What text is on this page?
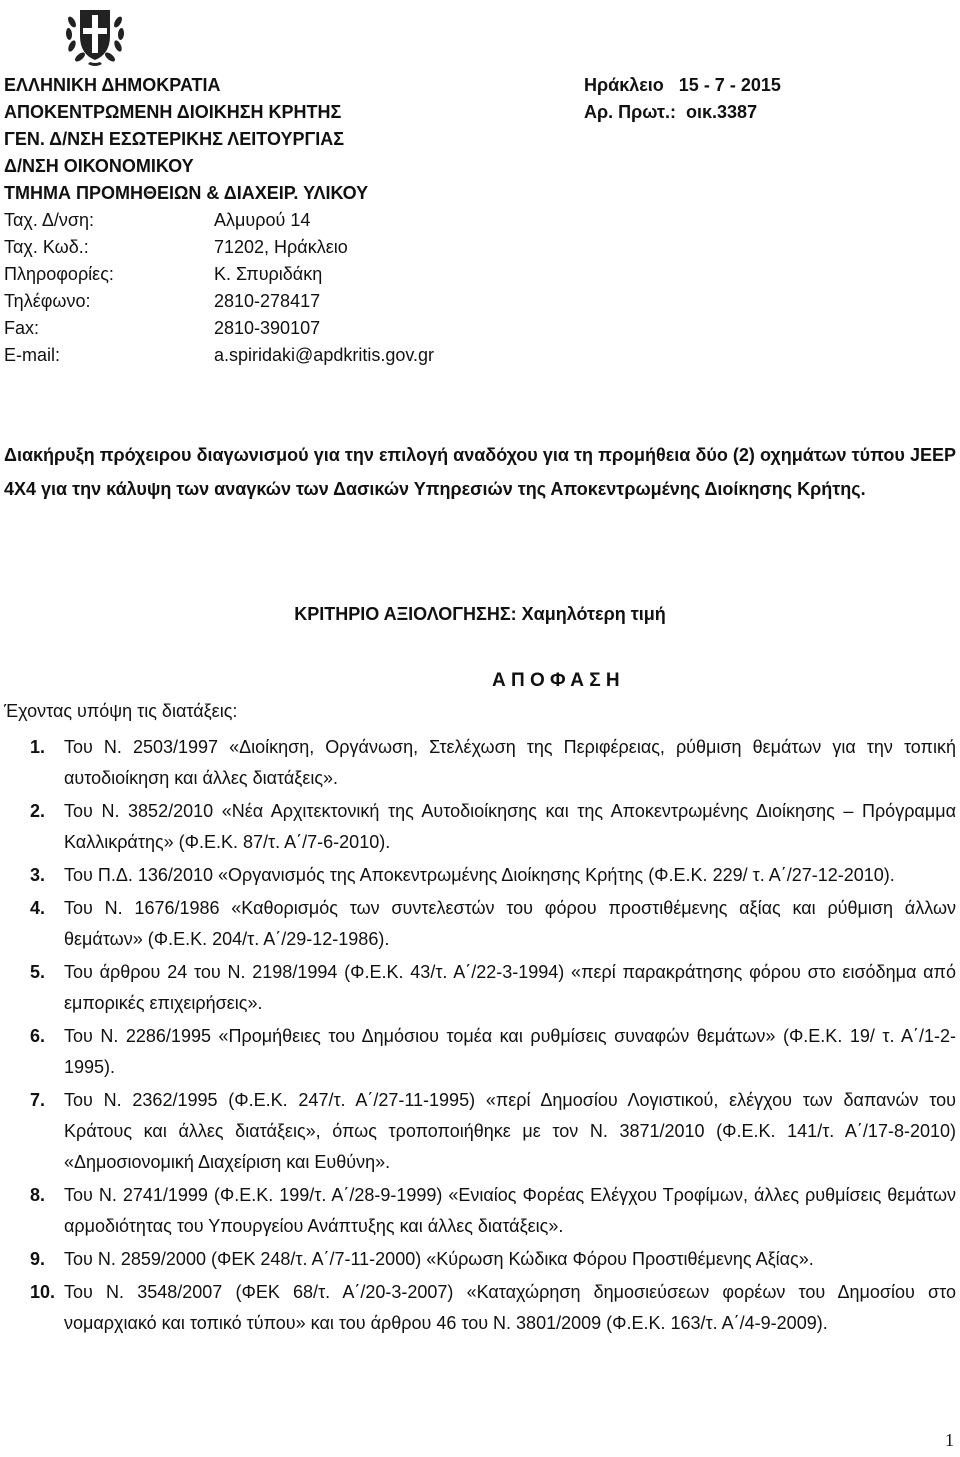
ΕΛΛΗΝΙΚΗ ΔΗΜΟΚΡΑΤΙΑ
ΑΠΟΚΕΝΤΡΩΜΕΝΗ ΔΙΟΙΚΗΣΗ ΚΡΗΤΗΣ
ΓΕΝ. Δ/ΝΣΗ ΕΣΩΤΕΡΙΚΗΣ ΛΕΙΤΟΥΡΓΙΑΣ
Δ/ΝΣΗ ΟΙΚΟΝΟΜΙΚΟΥ
ΤΜΗΜΑ ΠΡΟΜΗΘΕΙΩΝ & ΔΙΑΧΕΙΡ. ΥΛΙΚΟΥ
Ταχ. Δ/νση:	Αλμυρού 14
Ταχ. Κωδ.:	71202, Ηράκλειο
Πληροφορίες:	Κ. Σπυριδάκη
Τηλέφωνο:	2810-278417
Fax:	2810-390107
E-mail:	a.spiridaki@apdkritis.gov.gr
Ηράκλειο   15 - 7 - 2015
Αρ. Πρωτ.:  οικ.3387
Διακήρυξη πρόχειρου διαγωνισμού για την επιλογή αναδόχου για τη προμήθεια δύο (2) οχημάτων τύπου JEEP 4X4 για την κάλυψη των αναγκών των Δασικών Υπηρεσιών της Αποκεντρωμένης Διοίκησης Κρήτης.
ΚΡΙΤΗΡΙΟ ΑΞΙΟΛΟΓΗΣΗΣ: Χαμηλότερη τιμή
Α Π Ο Φ Α Σ Η
Έχοντας υπόψη τις διατάξεις:
1.	Του Ν. 2503/1997 «Διοίκηση, Οργάνωση, Στελέχωση της Περιφέρειας, ρύθμιση θεμάτων για την τοπική αυτοδιοίκηση και άλλες διατάξεις».
2.	Του Ν. 3852/2010 «Νέα Αρχιτεκτονική της Αυτοδιοίκησης και της Αποκεντρωμένης Διοίκησης – Πρόγραμμα Καλλικράτης» (Φ.Ε.Κ. 87/τ. Α΄/7-6-2010).
3.	Του Π.Δ. 136/2010 «Οργανισμός της Αποκεντρωμένης Διοίκησης Κρήτης (Φ.Ε.Κ. 229/ τ. Α΄/27-12-2010).
4.	Του Ν. 1676/1986 «Καθορισμός των συντελεστών του φόρου προστιθέμενης αξίας και ρύθμιση άλλων θεμάτων» (Φ.Ε.Κ. 204/τ. Α΄/29-12-1986).
5.	Του άρθρου 24 του Ν. 2198/1994 (Φ.Ε.Κ. 43/τ. Α΄/22-3-1994) «περί παρακράτησης φόρου στο εισόδημα από εμπορικές επιχειρήσεις».
6.	Του Ν. 2286/1995 «Προμήθειες του Δημόσιου τομέα και ρυθμίσεις συναφών θεμάτων» (Φ.Ε.Κ. 19/ τ. Α΄/1-2-1995).
7.	Του Ν. 2362/1995 (Φ.Ε.Κ. 247/τ. Α΄/27-11-1995) «περί Δημοσίου Λογιστικού, ελέγχου των δαπανών του Κράτους και άλλες διατάξεις», όπως τροποποιήθηκε με τον Ν. 3871/2010 (Φ.Ε.Κ. 141/τ. Α΄/17-8-2010) «Δημοσιονομική Διαχείριση και Ευθύνη».
8.	Του Ν. 2741/1999 (Φ.Ε.Κ. 199/τ. Α΄/28-9-1999) «Ενιαίος Φορέας Ελέγχου Τροφίμων, άλλες ρυθμίσεις θεμάτων αρμοδιότητας του Υπουργείου Ανάπτυξης και άλλες διατάξεις».
9.	Του Ν. 2859/2000 (ΦΕΚ 248/τ. Α΄/7-11-2000) «Κύρωση Κώδικα Φόρου Προστιθέμενης Αξίας».
10. Του Ν. 3548/2007 (ΦΕΚ 68/τ. Α΄/20-3-2007) «Καταχώρηση δημοσιεύσεων φορέων του Δημοσίου στο νομαρχιακό και τοπικό τύπου» και του άρθρου 46 του Ν. 3801/2009 (Φ.Ε.Κ. 163/τ. Α΄/4-9-2009).
1
